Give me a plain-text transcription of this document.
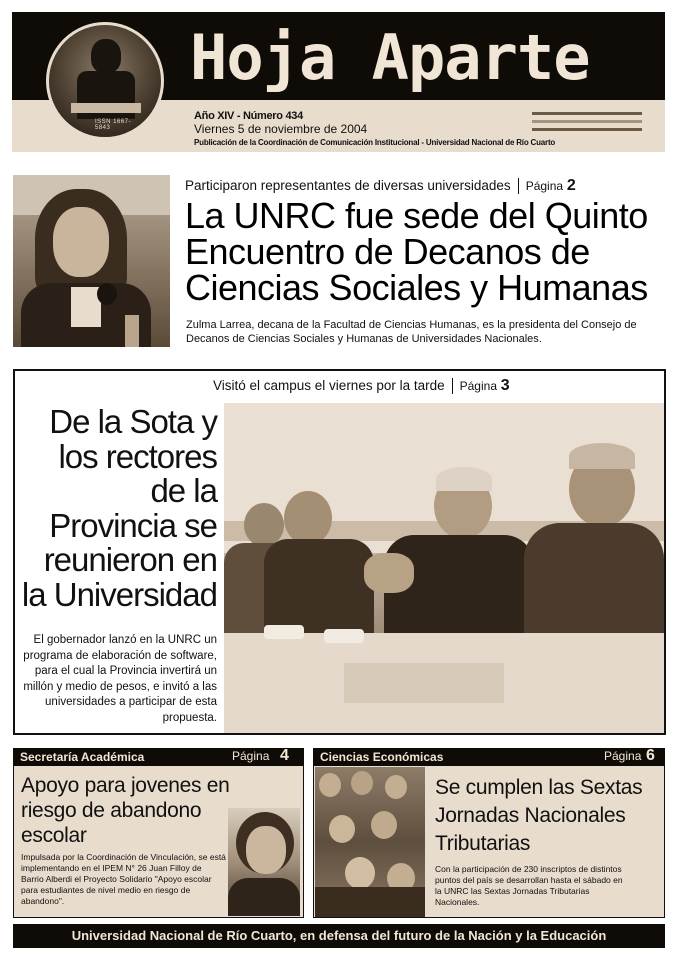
ISSN 1667-5843
Hoja Aparte
Año XIV - Número 434
Viernes 5 de noviembre de 2004
Publicación de la Coordinación de Comunicación Institucional - Universidad Nacional de Río Cuarto
Participaron representantes de diversas universidades Página 2
La UNRC fue sede del Quinto Encuentro de Decanos de Ciencias Sociales y Humanas
Zulma Larrea, decana de la Facultad de Ciencias Humanas, es la presidenta del Consejo de Decanos de Ciencias Sociales y Humanas de Universidades Nacionales.
Visitó el campus el viernes por la tarde Página 3
De la Sota y los rectores de la Provincia se reunieron en la Universidad
El gobernador lanzó en la UNRC un programa de elaboración de software, para el cual la Provincia invertirá un millón y medio de pesos, e invitó a las universidades a participar de esta propuesta.
Secretaría Académica	Página 4
Apoyo para jovenes en riesgo de abandono escolar
Impulsada por la Coordinación de Vinculación, se está implementando en el IPEM N° 26 Juan Filloy de Barrio Alberdi el Proyecto Solidario "Apoyo escolar para estudiantes de nivel medio en riesgo de abandono".
Ciencias Económicas	Página 6
Se cumplen las Sextas Jornadas Nacionales Tributarias
Con la participación de 230 inscriptos de distintos puntos del país se desarrollan hasta el sábado en la UNRC las Sextas Jornadas Tributarias Nacionales.
Universidad Nacional de Río Cuarto, en defensa del futuro de la Nación y la Educación
